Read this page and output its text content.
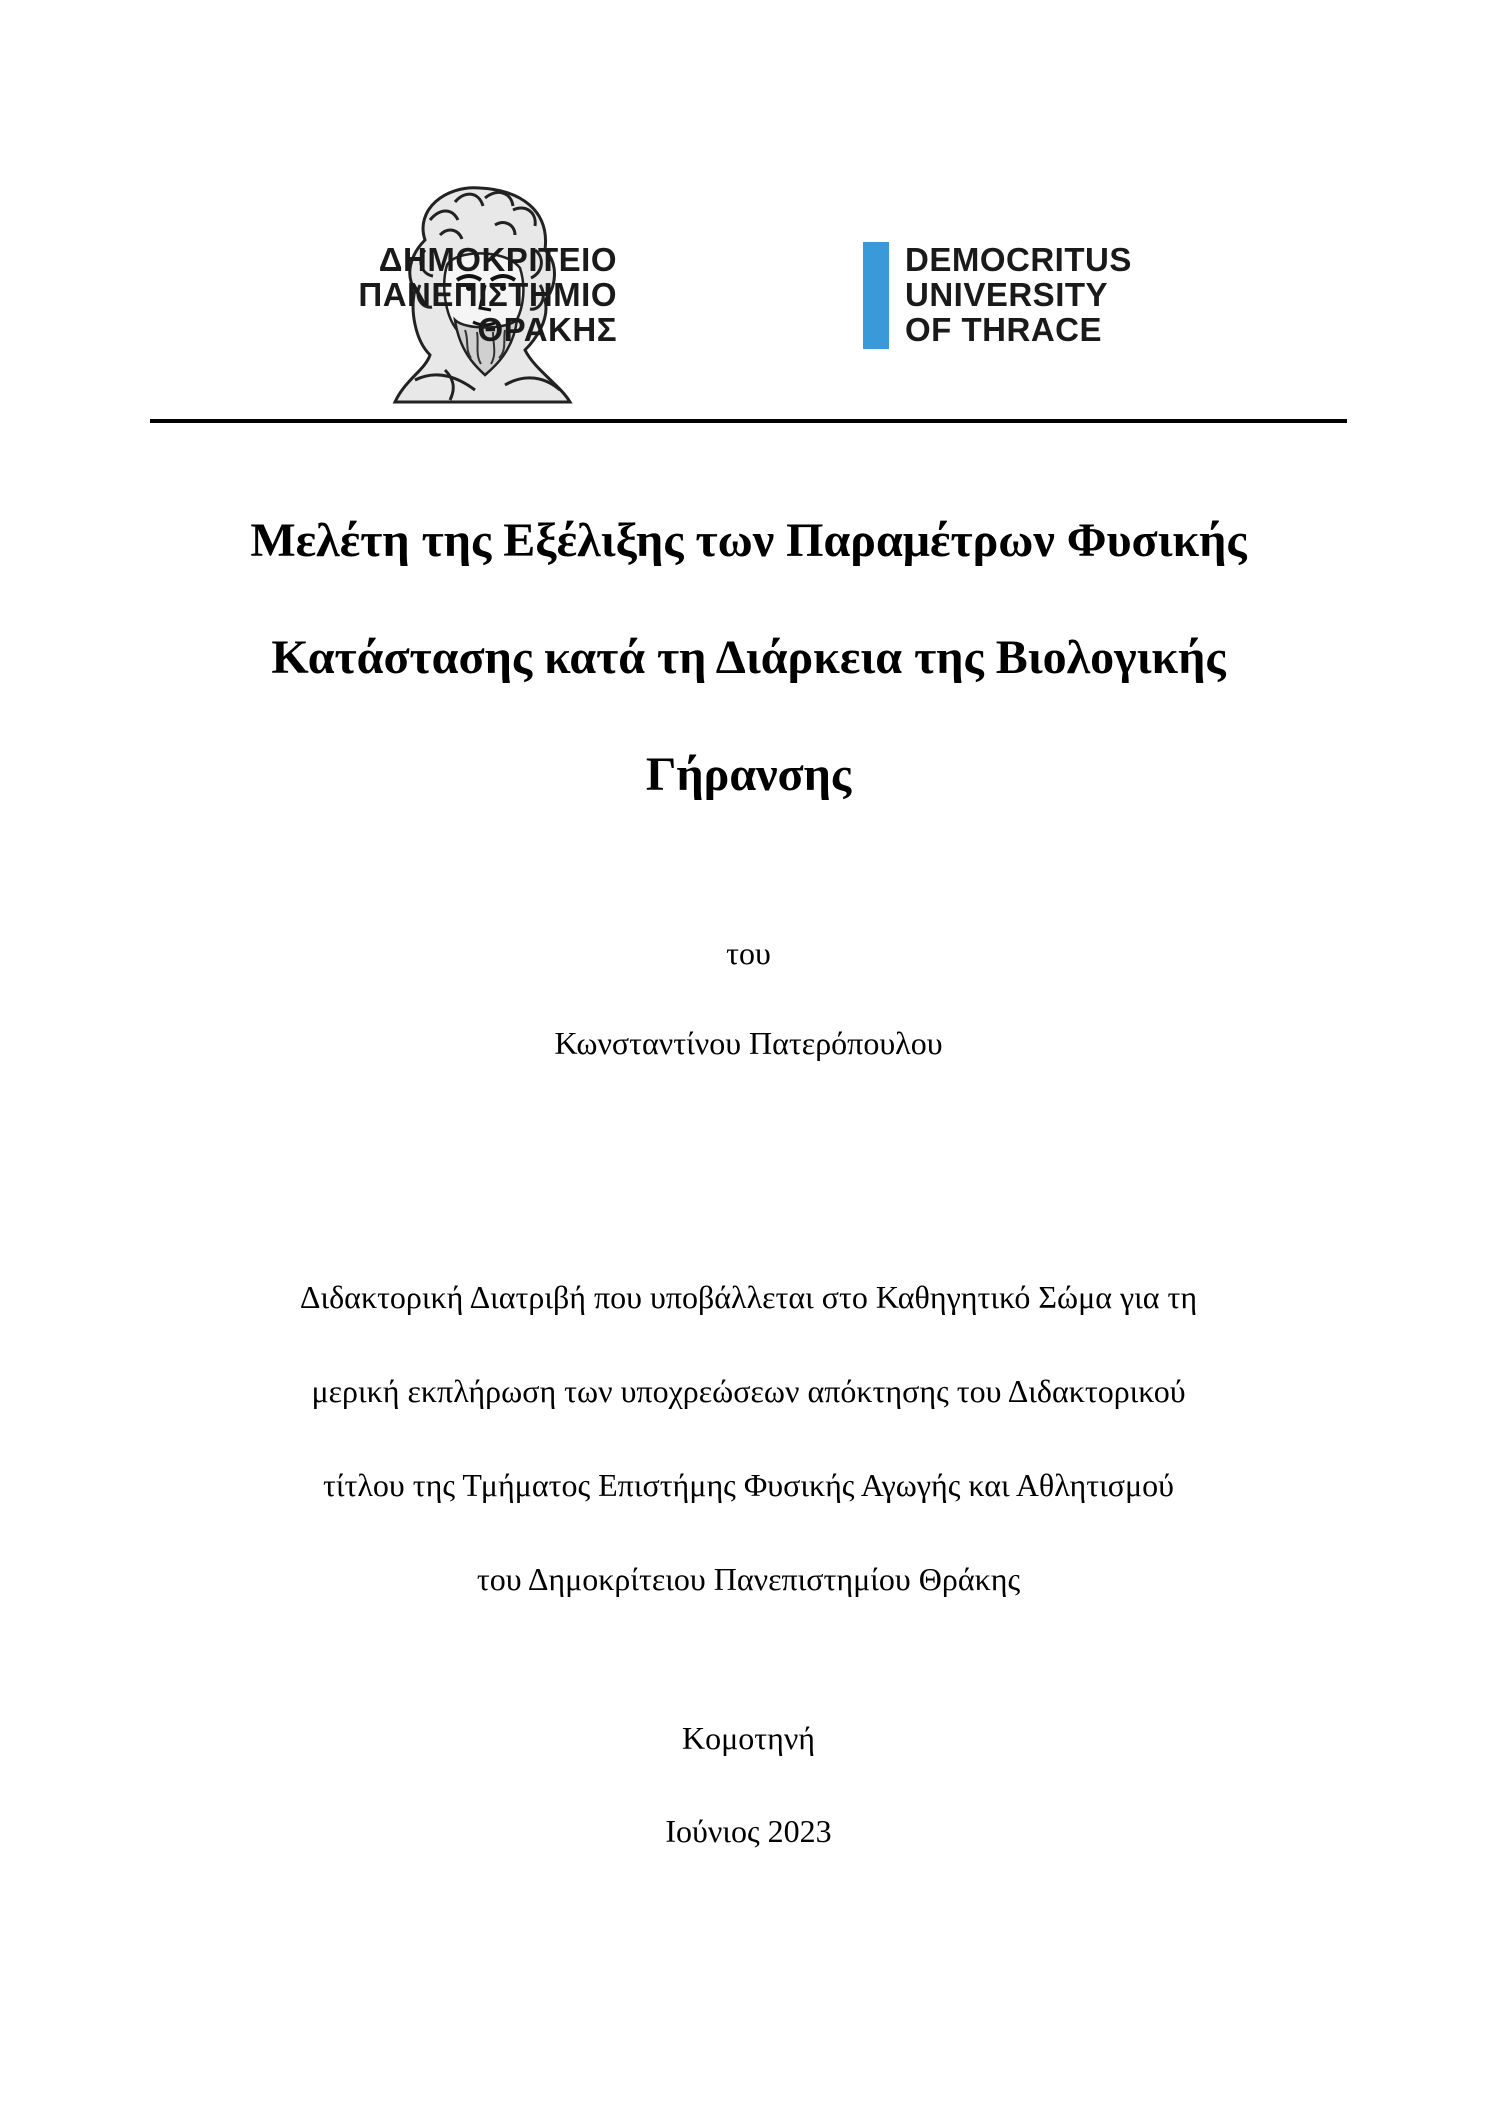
ΔΗΜΟΚΡΙΤΕΙΟ
ΠΑΝΕΠΙΣΤΗΜΙΟ
ΘΡΑΚΗΣ
DEMOCRITUS
UNIVERSITY
OF THRACE
Μελέτη της Εξέλιξης των Παραμέτρων Φυσικής
Κατάστασης κατά τη Διάρκεια της Βιολογικής
Γήρανσης
του
Κωνσταντίνου Πατερόπουλου
Διδακτορική Διατριβή που υποβάλλεται στο Καθηγητικό Σώμα για τη
μερική εκπλήρωση των υποχρεώσεων απόκτησης του Διδακτορικού
τίτλου της Τμήματος Επιστήμης Φυσικής Αγωγής και Αθλητισμού
του Δημοκρίτειου Πανεπιστημίου Θράκης
Κομοτηνή
Ιούνιος 2023
